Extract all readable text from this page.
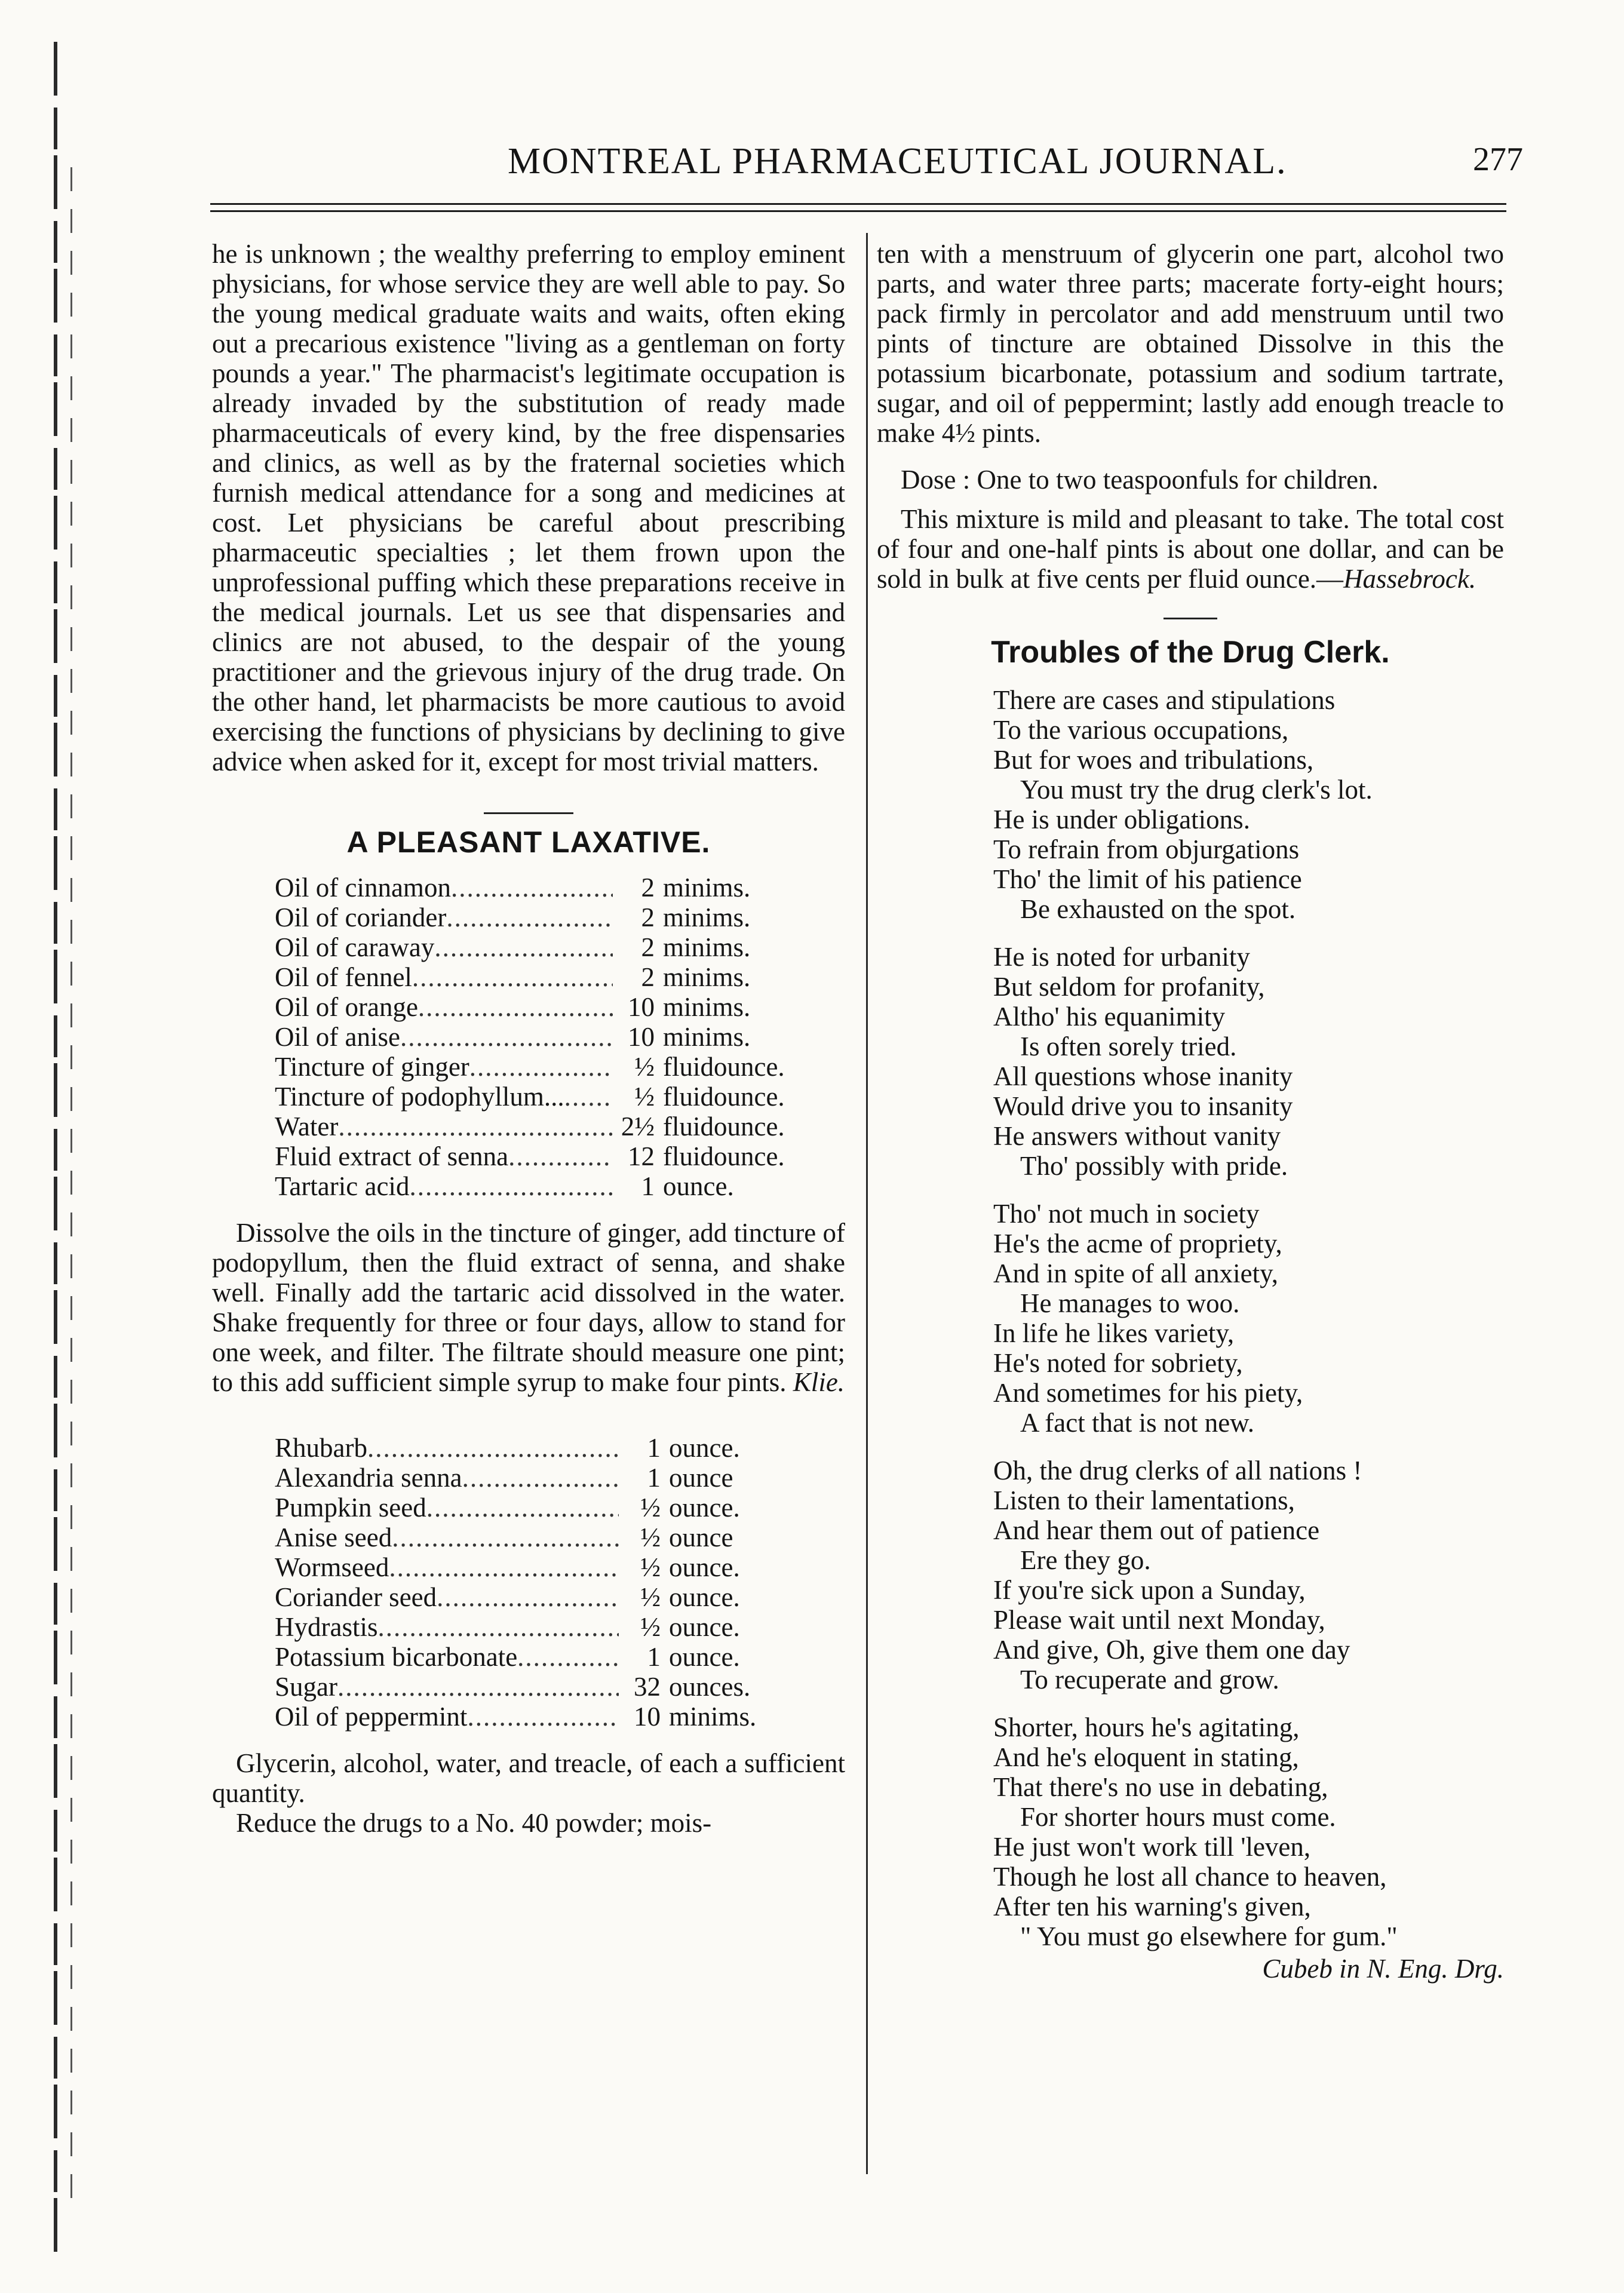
MONTREAL PHARMACEUTICAL JOURNAL.	277

he is unknown ; the wealthy preferring to employ eminent physicians, for whose service they are well able to pay. So the young medical graduate waits and waits, often eking out a precarious existence "living as a gentleman on forty pounds a year." The pharmacist's legitimate occupation is already invaded by the substitution of ready made pharmaceuticals of every kind, by the free dispensaries and clinics, as well as by the fraternal societies which furnish medical attendance for a song and medicines at cost. Let physicians be careful about prescribing pharmaceutic specialties ; let them frown upon the unprofessional puffing which these preparations receive in the medical journals. Let us see that dispensaries and clinics are not abused, to the despair of the young practitioner and the grievous injury of the drug trade. On the other hand, let pharmacists be more cautious to avoid exercising the functions of physicians by declining to give advice when asked for it, except for most trivial matters.

A PLEASANT LAXATIVE.
Oil of cinnamon .....	2 minims.
Oil of coriander .....	2 minims.
Oil of caraway .....	2 minims.
Oil of fennel .....	2 minims.
Oil of orange .....	10 minims.
Oil of anise .....	10 minims.
Tincture of ginger .....	½ fluidounce.
Tincture of podophyllum... .....	½ fluidounce.
Water .....	2½ fluidounce.
Fluid extract of senna .....	12 fluidounce.
Tartaric acid .....	1 ounce.

Dissolve the oils in the tincture of ginger, add tincture of podopyllum, then the fluid extract of senna, and shake well. Finally add the tartaric acid dissolved in the water. Shake frequently for three or four days, allow to stand for one week, and filter. The filtrate should measure one pint; to this add sufficient simple syrup to make four pints. Klie.

Rhubarb .....	1 ounce.
Alexandria senna .....	1 ounce
Pumpkin seed .....	½ ounce.
Anise seed .....	½ ounce
Wormseed .....	½ ounce.
Coriander seed .....	½ ounce.
Hydrastis .....	½ ounce.
Potassium bicarbonate .....	1 ounce.
Sugar .....	32 ounces.
Oil of peppermint .....	10 minims.

Glycerin, alcohol, water, and treacle, of each a sufficient quantity.

Reduce the drugs to a No. 40 powder; mois-

ten with a menstruum of glycerin one part, alcohol two parts, and water three parts; macerate forty-eight hours; pack firmly in percolator and add menstruum until two pints of tincture are obtained Dissolve in this the potassium bicarbonate, potassium and sodium tartrate, sugar, and oil of peppermint; lastly add enough treacle to make 4½ pints.

Dose : One to two teaspoonfuls for children.

This mixture is mild and pleasant to take. The total cost of four and one-half pints is about one dollar, and can be sold in bulk at five cents per fluid ounce.—Hassebrock.

Troubles of the Drug Clerk.
There are cases and stipulations
To the various occupations,
But for woes and tribulations,
You must try the drug clerk's lot.
He is under obligations.
To refrain from objurgations
Tho' the limit of his patience
Be exhausted on the spot.
He is noted for urbanity
But seldom for profanity,
Altho' his equanimity
Is often sorely tried.
All questions whose inanity
Would drive you to insanity
He answers without vanity
Tho' possibly with pride.
Tho' not much in society
He's the acme of propriety,
And in spite of all anxiety,
He manages to woo.
In life he likes variety,
He's noted for sobriety,
And sometimes for his piety,
A fact that is not new.
Oh, the drug clerks of all nations !
Listen to their lamentations,
And hear them out of patience
Ere they go.
If you're sick upon a Sunday,
Please wait until next Monday,
And give, Oh, give them one day
To recuperate and grow.
Shorter, hours he's agitating,
And he's eloquent in stating,
That there's no use in debating,
For shorter hours must come.
He just won't work till 'leven,
Though he lost all chance to heaven,
After ten his warning's given,
" You must go elsewhere for gum."
Cubeb in N. Eng. Drg.
